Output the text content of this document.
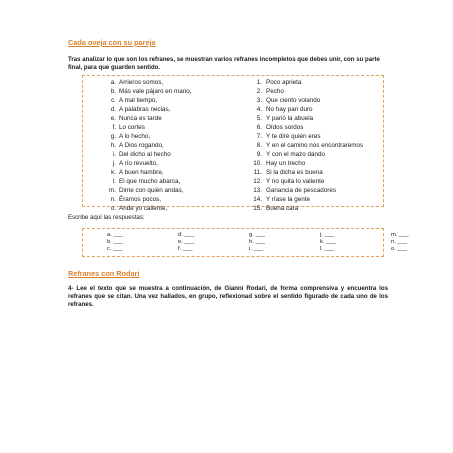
Cada oveja con su pareja
Tras analizar lo que son los refranes, se muestran varios refranes incompletos que debes unir, con su parte final, para que guarden sentido.
a. Arrieros somos,
b. Más vale pájaro en mano,
c. A mal tiempo,
d. A palabras necias,
e. Nunca es tarde
f. Lo cortes
g. A lo hecho,
h. A Dios rogando,
i. Del dicho al hecho
j. A río revuelto,
k. A buen hambre,
l. El que mucho abarca,
m. Dime con quién andas,
n. Éramos pocos,
o. Ande yo caliente,
1. Poco aprieta
2. Pecho
3. Que ciento volando
4. No hay pan duro
5. Y parió la abuela
6. Oídos sordos
7. Y te diré quién eres
8. Y en el camino nos encontraremos
9. Y con el mazo dando
10. Hay un trecho
11. Si la dicha es buena
12. Y no quita lo valiente
13. Ganancia de pescadores
14. Y ríase la gente
15. Buena cara
Escribe aquí las respuestas:
a. ___	d. ___	g. ___	j. ___	m. ___
b. ___	e. ___	h. ___	k. ___	n. ___
c. ___	f. ___	i. ___	l. ___	o. ___
Refranes con Rodari
4- Lee el texto que se muestra a continuación, de Gianni Rodari, de forma comprensiva y encuentra los refranes que se citan. Una vez hallados, en grupo, reflexionad sobre el sentido figurado de cada uno de los refranes.
